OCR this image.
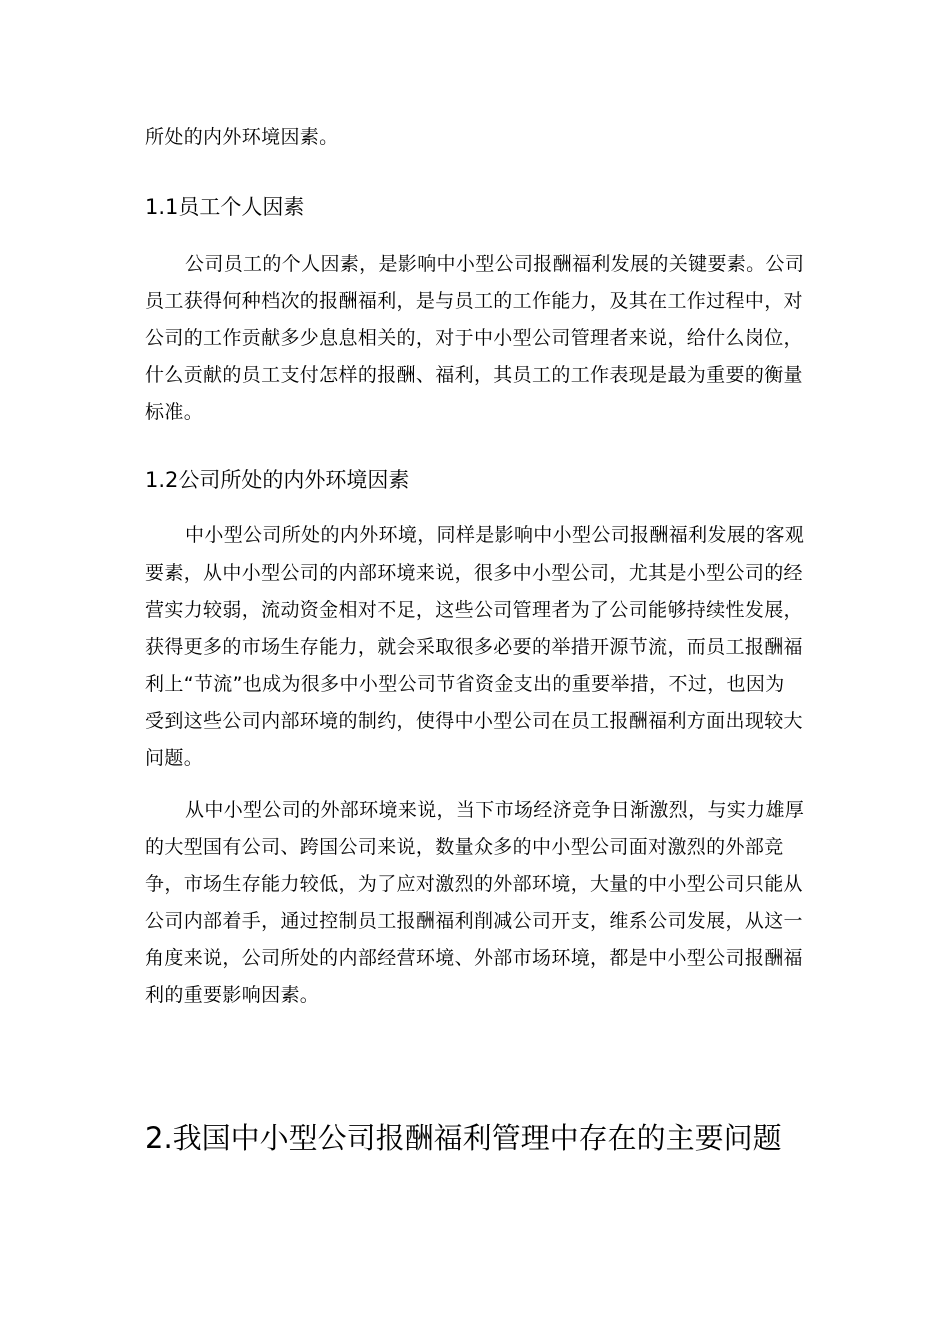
所处的内外环境因素。
1.1员工个人因素
公司员工的个人因素，是影响中小型公司报酬福利发展的关键要素。公司
员工获得何种档次的报酬福利，是与员工的工作能力，及其在工作过程中，对
公司的工作贡献多少息息相关的，对于中小型公司管理者来说，给什么岗位，
什么贡献的员工支付怎样的报酬、福利，其员工的工作表现是最为重要的衡量
标准。
1.2公司所处的内外环境因素
中小型公司所处的内外环境，同样是影响中小型公司报酬福利发展的客观
要素，从中小型公司的内部环境来说，很多中小型公司，尤其是小型公司的经
营实力较弱，流动资金相对不足，这些公司管理者为了公司能够持续性发展，
获得更多的市场生存能力，就会采取很多必要的举措开源节流，而员工报酬福
利上“节流”也成为很多中小型公司节省资金支出的重要举措，不过，也因为
受到这些公司内部环境的制约，使得中小型公司在员工报酬福利方面出现较大
问题。
从中小型公司的外部环境来说，当下市场经济竞争日渐激烈，与实力雄厚
的大型国有公司、跨国公司来说，数量众多的中小型公司面对激烈的外部竞
争，市场生存能力较低，为了应对激烈的外部环境，大量的中小型公司只能从
公司内部着手，通过控制员工报酬福利削减公司开支，维系公司发展，从这一
角度来说，公司所处的内部经营环境、外部市场环境，都是中小型公司报酬福
利的重要影响因素。
2.我国中小型公司报酬福利管理中存在的主要问题
